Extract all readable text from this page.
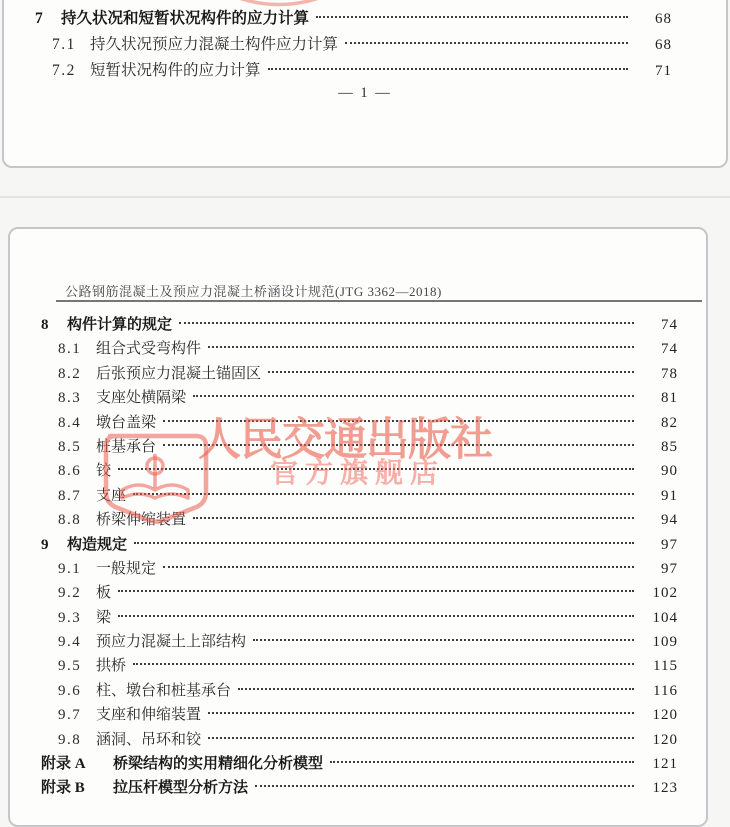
7	持久状况和短暂状况构件的应力计算	68
7.1 持久状况预应力混凝土构件应力计算	68
7.2 短暂状况构件的应力计算	71
— 1 —
公路钢筋混凝土及预应力混凝土桥涵设计规范(JTG 3362—2018)
8	构件计算的规定	74
8.1 组合式受弯构件	74
8.2 后张预应力混凝土锚固区	78
8.3 支座处横隔梁	81
8.4 墩台盖梁	82
8.5 桩基承台	85
8.6 铰	90
8.7 支座	91
8.8 桥梁伸缩装置	94
9	构造规定	97
9.1 一般规定	97
9.2 板	102
9.3 梁	104
9.4 预应力混凝土上部结构	109
9.5 拱桥	115
9.6 柱、墩台和桩基承台	116
9.7 支座和伸缩装置	120
9.8 涵洞、吊环和铰	120
附录 A	桥梁结构的实用精细化分析模型	121
附录 B	拉压杆模型分析方法	123
人民交通出版社
官方旗舰店
